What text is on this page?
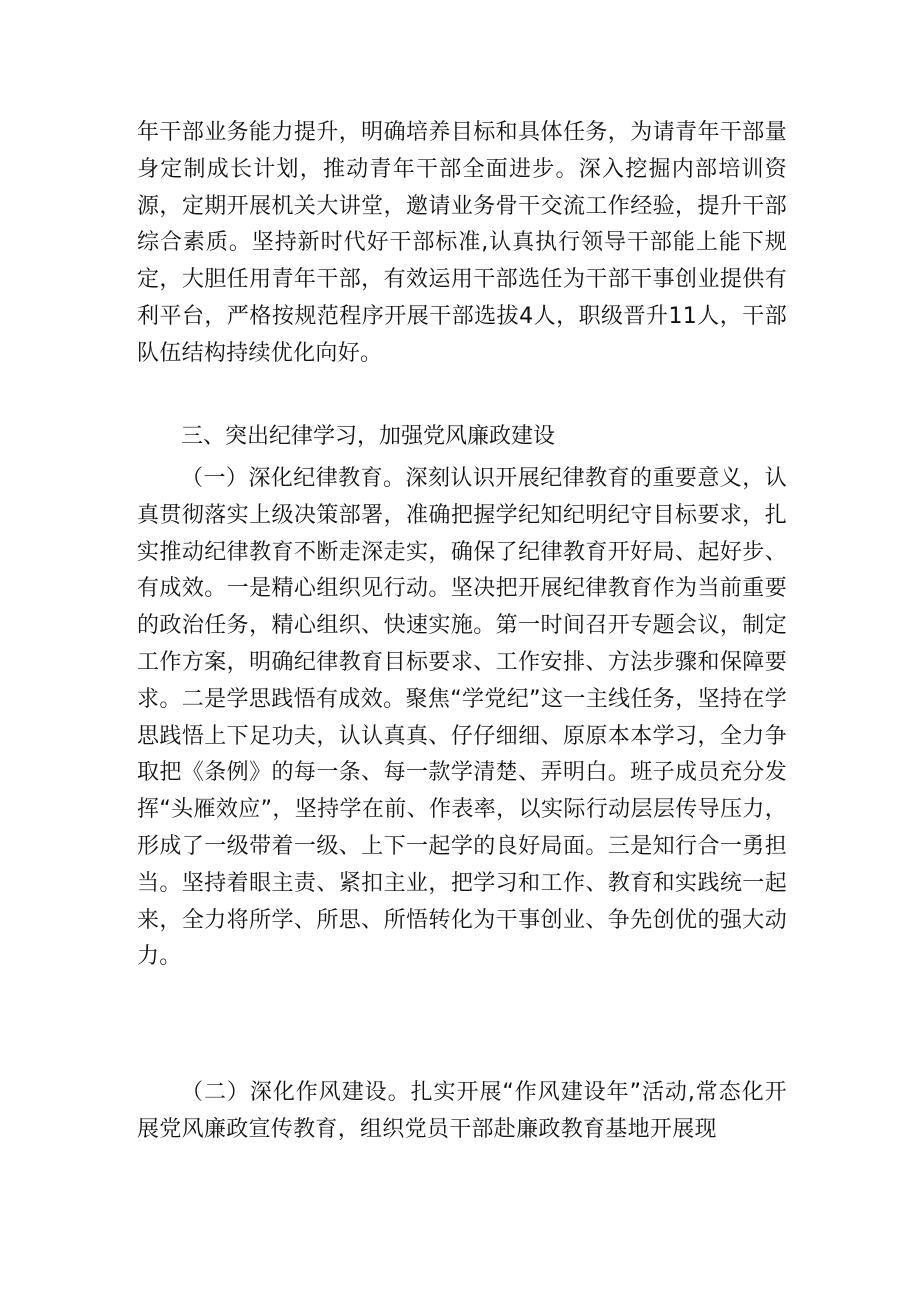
年干部业务能力提升，明确培养目标和具体任务，为请青年干部量身定制成长计划，推动青年干部全面进步。深入挖掘内部培训资源，定期开展机关大讲堂，邀请业务骨干交流工作经验，提升干部综合素质。坚持新时代好干部标准,认真执行领导干部能上能下规定，大胆任用青年干部，有效运用干部选任为干部干事创业提供有利平台，严格按规范程序开展干部选拔4人，职级晋升11人，干部队伍结构持续优化向好。

三、突出纪律学习，加强党风廉政建设

（一）深化纪律教育。深刻认识开展纪律教育的重要意义，认真贯彻落实上级决策部署，准确把握学纪知纪明纪守目标要求，扎实推动纪律教育不断走深走实，确保了纪律教育开好局、起好步、有成效。一是精心组织见行动。坚决把开展纪律教育作为当前重要的政治任务，精心组织、快速实施。第一时间召开专题会议，制定工作方案，明确纪律教育目标要求、工作安排、方法步骤和保障要求。二是学思践悟有成效。聚焦“学党纪”这一主线任务，坚持在学思践悟上下足功夫，认认真真、仔仔细细、原原本本学习，全力争取把《条例》的每一条、每一款学清楚、弄明白。班子成员充分发挥“头雁效应”，坚持学在前、作表率，以实际行动层层传导压力，形成了一级带着一级、上下一起学的良好局面。三是知行合一勇担当。坚持着眼主责、紧扣主业，把学习和工作、教育和实践统一起来，全力将所学、所思、所悟转化为干事创业、争先创优的强大动力。

（二）深化作风建设。扎实开展“作风建设年”活动,常态化开展党风廉政宣传教育，组织党员干部赴廉政教育基地开展现
